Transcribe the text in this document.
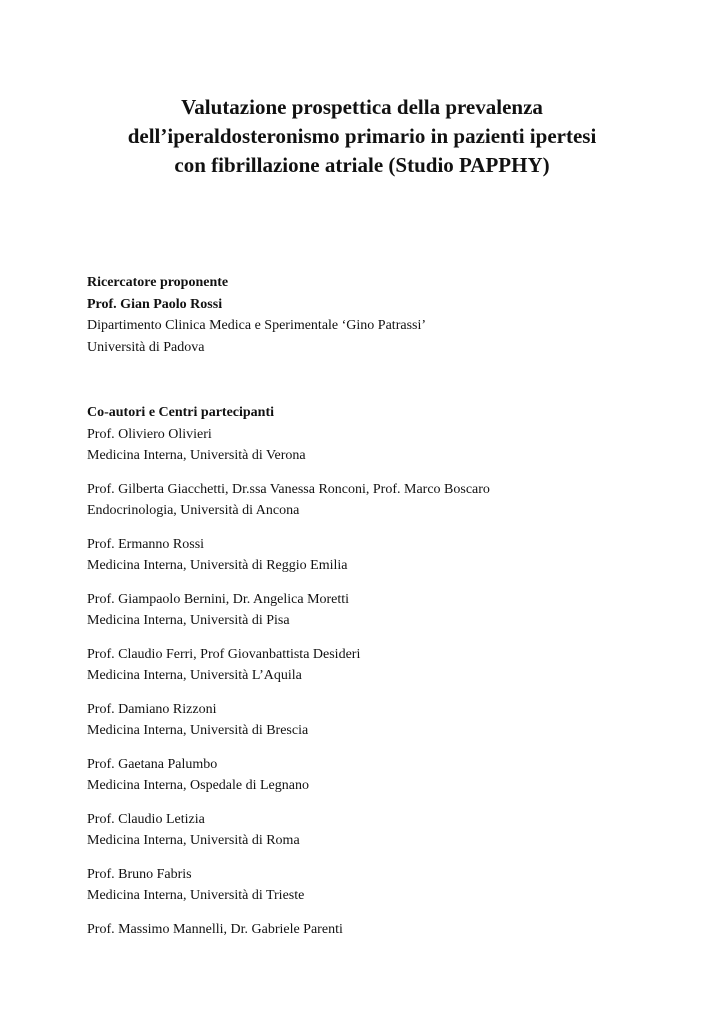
Valutazione prospettica della prevalenza
dell’iperaldosteronismo primario in pazienti ipertesi
con fibrillazione atriale (Studio PAPPHY)
Ricercatore proponente
Prof. Gian Paolo Rossi
Dipartimento Clinica Medica e Sperimentale ‘Gino Patrassi’
Università di Padova
Co-autori e Centri partecipanti
Prof. Oliviero Olivieri
Medicina Interna, Università di Verona
Prof. Gilberta Giacchetti, Dr.ssa Vanessa Ronconi, Prof. Marco Boscaro
Endocrinologia, Università di Ancona
Prof. Ermanno Rossi
Medicina Interna, Università di Reggio Emilia
Prof. Giampaolo Bernini, Dr. Angelica Moretti
Medicina Interna, Università di Pisa
Prof. Claudio Ferri, Prof Giovanbattista Desideri
Medicina Interna, Università L’Aquila
Prof. Damiano Rizzoni
Medicina Interna, Università di Brescia
Prof. Gaetana Palumbo
Medicina Interna, Ospedale di Legnano
Prof. Claudio Letizia
Medicina Interna, Università di Roma
Prof. Bruno Fabris
Medicina Interna, Università di Trieste
Prof. Massimo Mannelli, Dr. Gabriele Parenti
